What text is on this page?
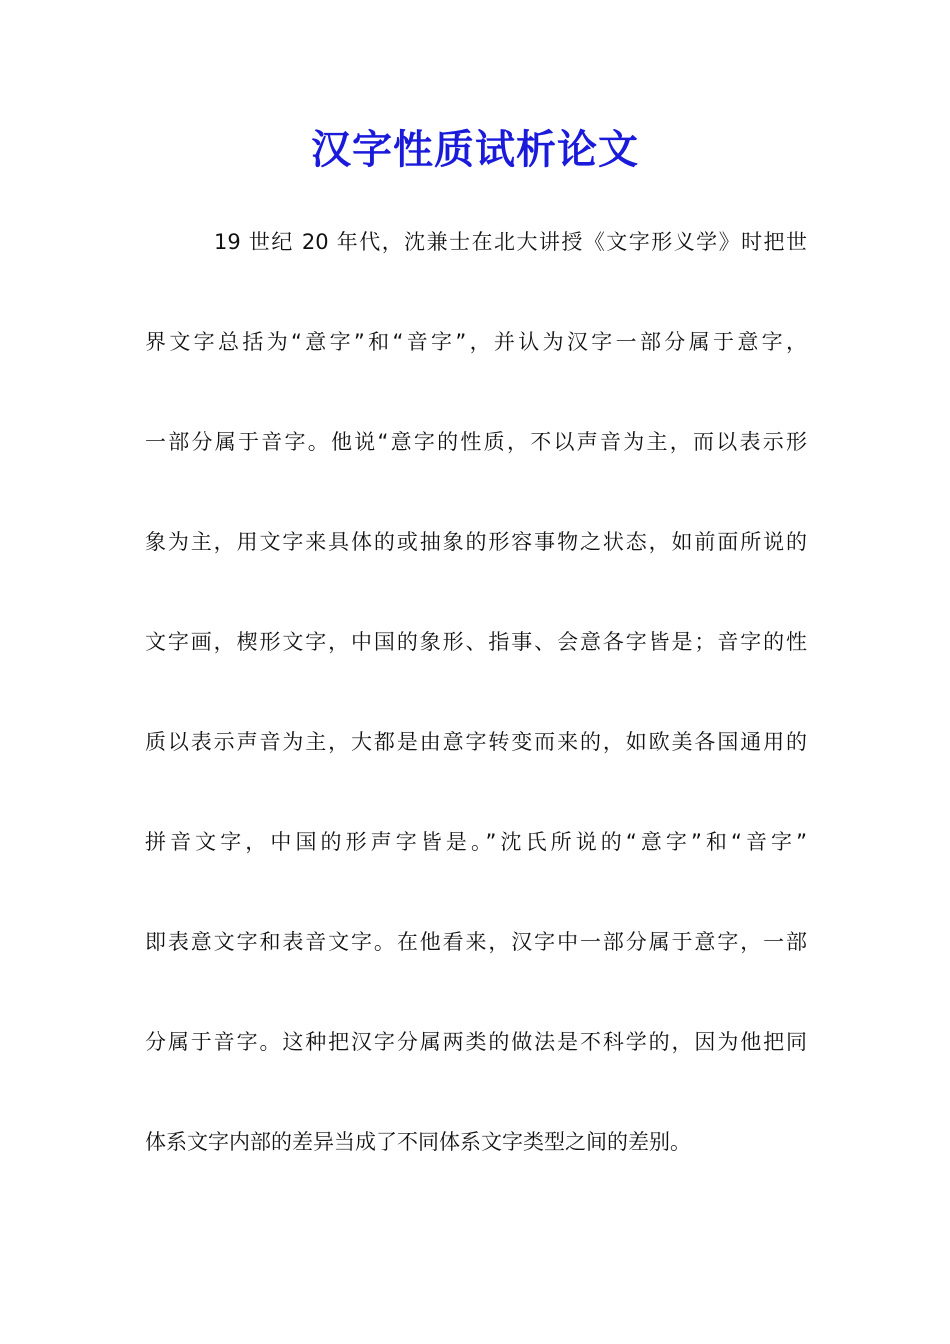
汉字性质试析论文
19 世纪 20 年代，沈兼士在北大讲授《文字形义学》时把世
界文字总括为“意字”和“音字”，并认为汉字一部分属于意字，
一部分属于音字。他说“意字的性质，不以声音为主，而以表示形
象为主，用文字来具体的或抽象的形容事物之状态，如前面所说的
文字画，楔形文字，中国的象形、指事、会意各字皆是；音字的性
质以表示声音为主，大都是由意字转变而来的，如欧美各国通用的
拼音文字，中国的形声字皆是。”沈氏所说的“意字”和“音字”
即表意文字和表音文字。在他看来，汉字中一部分属于意字，一部
分属于音字。这种把汉字分属两类的做法是不科学的，因为他把同
体系文字内部的差异当成了不同体系文字类型之间的差别。
